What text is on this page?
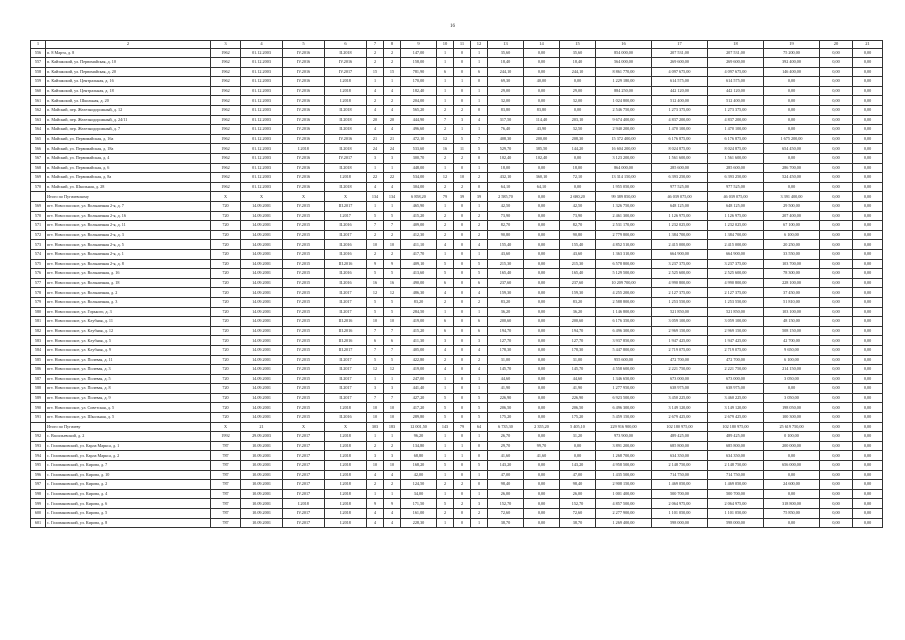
16
1	2	3	4	5	6	7	8	9	10	11	12	13	14	15	16	17	18	19	20	21
556	п. 8 Марта, д. 8	1962	01.12.2003	IV.2016	II.2018	2	2	147,00	1	0	1	35,60	0,00	35,60	854 000,00	207 531,00	207 531,00	75 200,00	0,00	0,00
557	п. Кайзакский, ул. Первомайская, д. 10	1962	01.12.2003	IV.2016	IV.2016	2	2	158,00	1	0	1	18,40	0,00	18,40	564 000,00	269 600,00	269 600,00	392 400,00	0,00	0,00
558	п. Кайзакский, ул. Первомайская, д. 20	1962	01.12.2003	IV.2016	IV.2017	15	15	781,90	6	0	6	244,10	0,00	244,10	8 861 770,00	4 097 675,00	4 097 675,00	146 400,00	0,00	0,00
559	п. Кайзакский, ул. Центральная, д. 16	1962	01.12.2003	IV.2016	I.2018	1	1	170,00	1	1	0	69,30	40,00	0,00	1 229 180,00	614 575,00	614 575,00	0,00	0,00	0,00
560	п. Кайзакский, ул. Центральная, д. 18	1962	01.12.2003	IV.2016	I.2018	4	4	182,40	1	0	1	29,00	0,00	29,00	884 250,00	442 120,00	442 120,00	0,00	0,00	0,00
561	п. Кайзакский, ул. Школьная, д. 20	1962	01.12.2003	IV.2016	I.2018	2	2	204,00	1	0	1	32,00	0,00	32,00	1 024 800,00	512 400,00	512 400,00	0,00	0,00	0,00
562	п. Майский, пер. Железнодорожный, д. 12	1962	01.12.2003	IV.2016	II.2018	4	4	565,20	2	2	0	83,80	83,80	0,00	2 546 750,00	1 273 375,00	1 273 375,00	0,00	0,00	0,00
563	п. Майский, пер. Железнодорожный, д. 24/11	1962	01.12.2003	IV.2016	II.2018	20	20	444,90	7	3	4	317,50	114,40	203,10	9 674 400,00	4 837 200,00	4 837 200,00	0,00	0,00	0,00
564	п. Майский, пер. Железнодорожный, д. 7	1962	01.12.2003	IV.2016	II.2018	4	4	496,60	2	1	1	76,40	43,90	32,50	2 940 200,00	1 470 100,00	1 470 100,00	0,00	0,00	0,00
565	п. Майский, ул. Первомайская, д. 16а	1962	01.12.2003	IV.2016	IV.2016	21	21	472,10	12	5	7	408,30	200,00	208,30	15 372 400,00	6 176 875,00	6 176 875,00	1 675 200,00	0,00	0,00
566	п. Майский, ул. Первомайская, д. 18а	1962	01.12.2003	I.2018	II.2018	24	24	533,60	16	11	5	529,70	385,50	144,20	16 604 200,00	8 024 875,00	8 024 875,00	654 450,00	0,00	0,00
567	п. Майский, ул. Первомайская, д. 4	1962	01.12.2003	IV.2016	IV.2017	3	3	300,70	2	2	0	102,40	102,40	0,00	3 123 200,00	1 561 600,00	1 561 600,00	0,00	0,00	0,00
568	п. Майский, ул. Первомайская, д. 6	1962	01.12.2003	IV.2016	II.2018	1	1	448,00	1	0	1	18,00	0,00	18,00	864 000,00	285 600,00	285 600,00	286 700,00	0,00	0,00
569	п. Майский, ул. Первомайская, д. 8а	1962	01.12.2003	IV.2016	I.2018	22	22	534,00	12	10	2	432,10	360,10	72,10	13 314 150,00	6 393 250,00	6 393 250,00	524 450,00	0,00	0,00
570	п. Майский, ул. Школьная, д. 28	1962	01.12.2003	IV.2016	II.2018	4	4	304,00	2	2	0	64,10	64,10	0,00	1 955 050,00	977 525,00	977 525,00	0,00	0,00	0,00
	Итого по Пугачевскому	X	X	X	X	134	134	6 858,20	79	39	39	2 585,70	0,00	2 680,20	99 389 850,00	46 039 075,00	46 039 075,00	3 391 400,00	0,00	0,00
569	пгт. Новоспасское, ул. Вольничная 2-я, д. 7	720	14.09.2001	IV.2015	III.2017	1	1	465,90	1	0	1	42,50	0,00	42,50	1 326 750,00	648 125,00	648 125,00	29 500,00	0,00	0,00
570	пгт. Новоспасское, ул. Вольничная 2-я, д. 16	720	14.09.2001	IV.2015	I.2017	5	5	415,20	2	0	2	73,90	0,00	73,90	2 461 300,00	1 126 975,00	1 126 975,00	207 400,00	0,00	0,00
571	пгт. Новоспасское, ул. Вольничная 2-я, д. 11	720	14.09.2001	IV.2015	II.2016	7	7	409,00	2	0	2	82,70	0,00	82,70	2 531 170,00	1 232 025,00	1 232 025,00	67 100,00	0,00	0,00
572	пгт. Новоспасское, ул. Вольничная 2-я, д. 3	720	14.09.2001	IV.2015	II.2017	2	2	412,30	2	0	2	90,80	0,00	90,80	2 779 800,00	1 384 700,00	1 384 700,00	6 100,00	0,00	0,00
573	пгт. Новоспасское, ул. Вольничная 2-я, д. 5	720	14.09.2001	IV.2015	II.2016	10	10	411,10	4	0	4	155,40	0,00	155,40	4 852 510,00	2 415 000,00	2 415 000,00	20 250,00	0,00	0,00
574	пгт. Новоспасское, ул. Вольничная 2-я, д. 1	720	14.09.2001	IV.2015	II.2016	2	2	417,70	1	0	1	43,60	0,00	43,60	1 363 310,00	664 900,00	664 900,00	33 550,00	0,00	0,00
575	пгт. Новоспасское, ул. Вольничная 2-я, д. 8	720	14.09.2001	IV.2015	III.2016	9	9	409,10	5	0	5	215,30	0,00	215,30	6 578 800,00	3 237 375,00	3 237 375,00	103 700,00	0,00	0,00
576	пгт. Новоспасское, ул. Вольничная, д. 16	720	14.09.2001	IV.2015	II.2016	5	5	413,60	5	0	5	165,40	0,00	165,40	5 129 500,00	2 525 600,00	2 525 600,00	78 300,00	0,00	0,00
577	пгт. Новоспасское, ул. Вольничная, д. 18	720	14.09.2001	IV.2015	II.2016	16	16	490,00	6	0	6	237,60	0,00	237,60	10 209 700,00	4 990 800,00	4 990 800,00	228 100,00	0,00	0,00
578	пгт. Новоспасское, ул. Вольничная, д. 2	720	14.09.2001	IV.2015	II.2017	12	12	486,30	4	0	4	159,30	0,00	159,30	4 255 200,00	2 127 375,00	2 127 375,00	37 450,00	0,00	0,00
579	пгт. Новоспасское, ул. Вольничная, д. 3	720	14.09.2001	IV.2015	II.2017	5	5	83,20	2	0	2	83,20	0,00	83,20	2 588 800,00	1 253 550,00	1 253 550,00	51 810,00	0,00	0,00
580	пгт. Новоспасское, ул. Горького, д. 3	720	14.09.2001	IV.2015	II.2017	5	5	284,50	1	0	1	36,20	0,00	36,20	1 146 800,00	521 850,00	521 850,00	103 100,00	0,00	0,00
581	пгт. Новоспасское, ул. Клубная, д. 11	720	14.09.2001	IV.2015	III.2016	10	10	419,00	6	0	6	200,60	0,00	200,60	6 176 350,00	3 059 100,00	3 059 100,00	48 150,00	0,00	0,00
582	пгт. Новоспасское, ул. Клубная, д. 12	720	14.09.2001	IV.2015	III.2016	7	7	415,20	6	0	6	194,70	0,00	194,70	6 496 300,00	2 969 150,00	2 969 150,00	508 150,00	0,00	0,00
583	пгт. Новоспасское, ул. Клубная, д. 5	720	14.09.2001	IV.2015	III.2016	6	6	411,30	3	0	3	127,70	0,00	127,70	3 937 850,00	1 947 425,00	1 947 425,00	42 700,00	0,00	0,00
584	пгт. Новоспасское, ул. Клубная, д. 9	720	14.09.2001	IV.2015	III.2017	7	7	405,00	4	0	4	178,30	0,00	178,30	5 447 800,00	2 719 075,00	2 719 075,00	9 650,00	0,00	0,00
585	пгт. Новоспасское, ул. Полевая, д. 11	720	14.09.2001	IV.2015	II.2017	5	5	422,80	2	0	2	31,00	0,00	31,00	955 600,00	472 700,00	472 700,00	6 100,00	0,00	0,00
586	пгт. Новоспасское, ул. Полевая, д. 3	720	14.09.2001	IV.2015	II.2017	12	12	419,00	4	0	4	145,70	0,00	145,70	4 558 600,00	2 221 750,00	2 221 750,00	214 150,00	0,00	0,00
587	пгт. Новоспасское, ул. Полевая, д. 5	720	14.09.2001	IV.2015	II.2017	1	1	247,00	1	0	1	44,60	0,00	44,60	1 346 650,00	673 000,00	673 000,00	3 050,00	0,00	0,00
588	пгт. Новоспасское, ул. Полевая, д. 8	720	14.09.2001	IV.2015	II.2017	3	3	441,40	1	0	1	41,90	0,00	41,90	1 277 950,00	638 975,00	638 975,00	0,00	0,00	0,00
589	пгт. Новоспасское, ул. Полевая, д. 9	720	14.09.2001	IV.2015	II.2017	7	7	427,20	5	0	5	226,90	0,00	226,90	6 923 500,00	3 450 225,00	3 460 225,00	3 050,00	0,00	0,00
590	пгт. Новоспасское, ул. Советская, д. 5	720	14.09.2001	IV.2015	I.2018	10	10	417,20	5	0	5	206,50	0,00	206,50	6 496 300,00	3 149 120,00	3 149 120,00	198 050,00	0,00	0,00
591	пгт. Новоспасское, ул. Школьная, д. 5	720	14.09.2001	IV.2015	II.2016	10	10	289,80	5	0	5	175,20	0,00	175,20	5 459 150,00	2 679 425,00	2 679 425,00	100 300,00	0,00	0,00
	Итого по Пугачеву	X	21	X	X	303	183	12 001,50	143	79	64	6 735,30	2 355,20	5 405,10	229 916 900,00	102 180 975,00	102 180 975,00	25 619 750,00	0,00	0,00
592	с. Васильевский, д. 2	1992	29.09.2003	IV.2017	I.2018	1	1	96,20	1	0	1	26,70	0,00	31,20	973 900,00	489 425,00	489 425,00	0 100,00	0,00	0,00
593	с. Головановский, ул. Карла Маркса, д. 1	787	10.09.2001	IV.2017	I.2018	2	2	134,80	1	1	0	29,70	99,70	0,00	3 891 200,00	685 800,00	685 800,00	200 000,00	0,00	0,00
594	с. Головановский, ул. Карла Маркса, д. 2	787	10.09.2001	IV.2017	I.2018	3	3	68,80	1	1	0	41,60	41,60	0,00	1 268 700,00	634 350,00	634 350,00	0,00	0,00	0,00
595	с. Головановский, ул. Кирова, д. 7	787	10.09.2001	IV.2017	I.2018	10	10	168,20	5	0	5	143,20	0,00	143,20	4 958 500,00	2 148 750,00	2 148 750,00	656 000,00	0,00	0,00
596	с. Головановский, ул. Кирова, д. 10	787	10.09.2001	IV.2017	I.2018	4	4	42,00	1	0	1	47,00	0,00	47,00	1 435 500,00	714 750,00	714 750,00	0,00	0,00	0,00
597	с. Головановский, ул. Кирова, д. 2	787	10.09.2001	IV.2017	I.2018	2	2	124,50	2	2	0	98,40	0,00	98,40	2 908 150,00	1 469 050,00	1 469 050,00	24 600,00	0,00	0,00
598	с. Головановский, ул. Кирова, д. 4	787	10.09.2001	IV.2017	I.2018	1	1	34,00	1	0	1	26,00	0,00	26,00	1 001 400,00	500 700,00	500 700,00	0,00	0,00	0,00
599	с. Головановский, ул. Кирова, д. 6	787	10.09.2001	I.2018	I.2018	9	9	171,50	5	2	3	152,70	0,00	152,70	4 857 500,00	2 064 975,00	2 064 975,00	318 800,00	0,00	0,00
600	с. Головановский, ул. Кирова, д. 5	787	10.09.2001	IV.2017	I.2018	4	4	161,00	2	0	2	72,60	0,00	72,60	2 277 900,00	1 101 050,00	1 101 050,00	75 850,00	0,00	0,00
601	с. Головановский, ул. Кирова, д. 8	787	10.09.2001	IV.2017	I.2018	4	4	228,30	1	0	1	38,70	0,00	38,70	1 269 400,00	598 000,00	598 000,00	0,00	0,00	0,00
